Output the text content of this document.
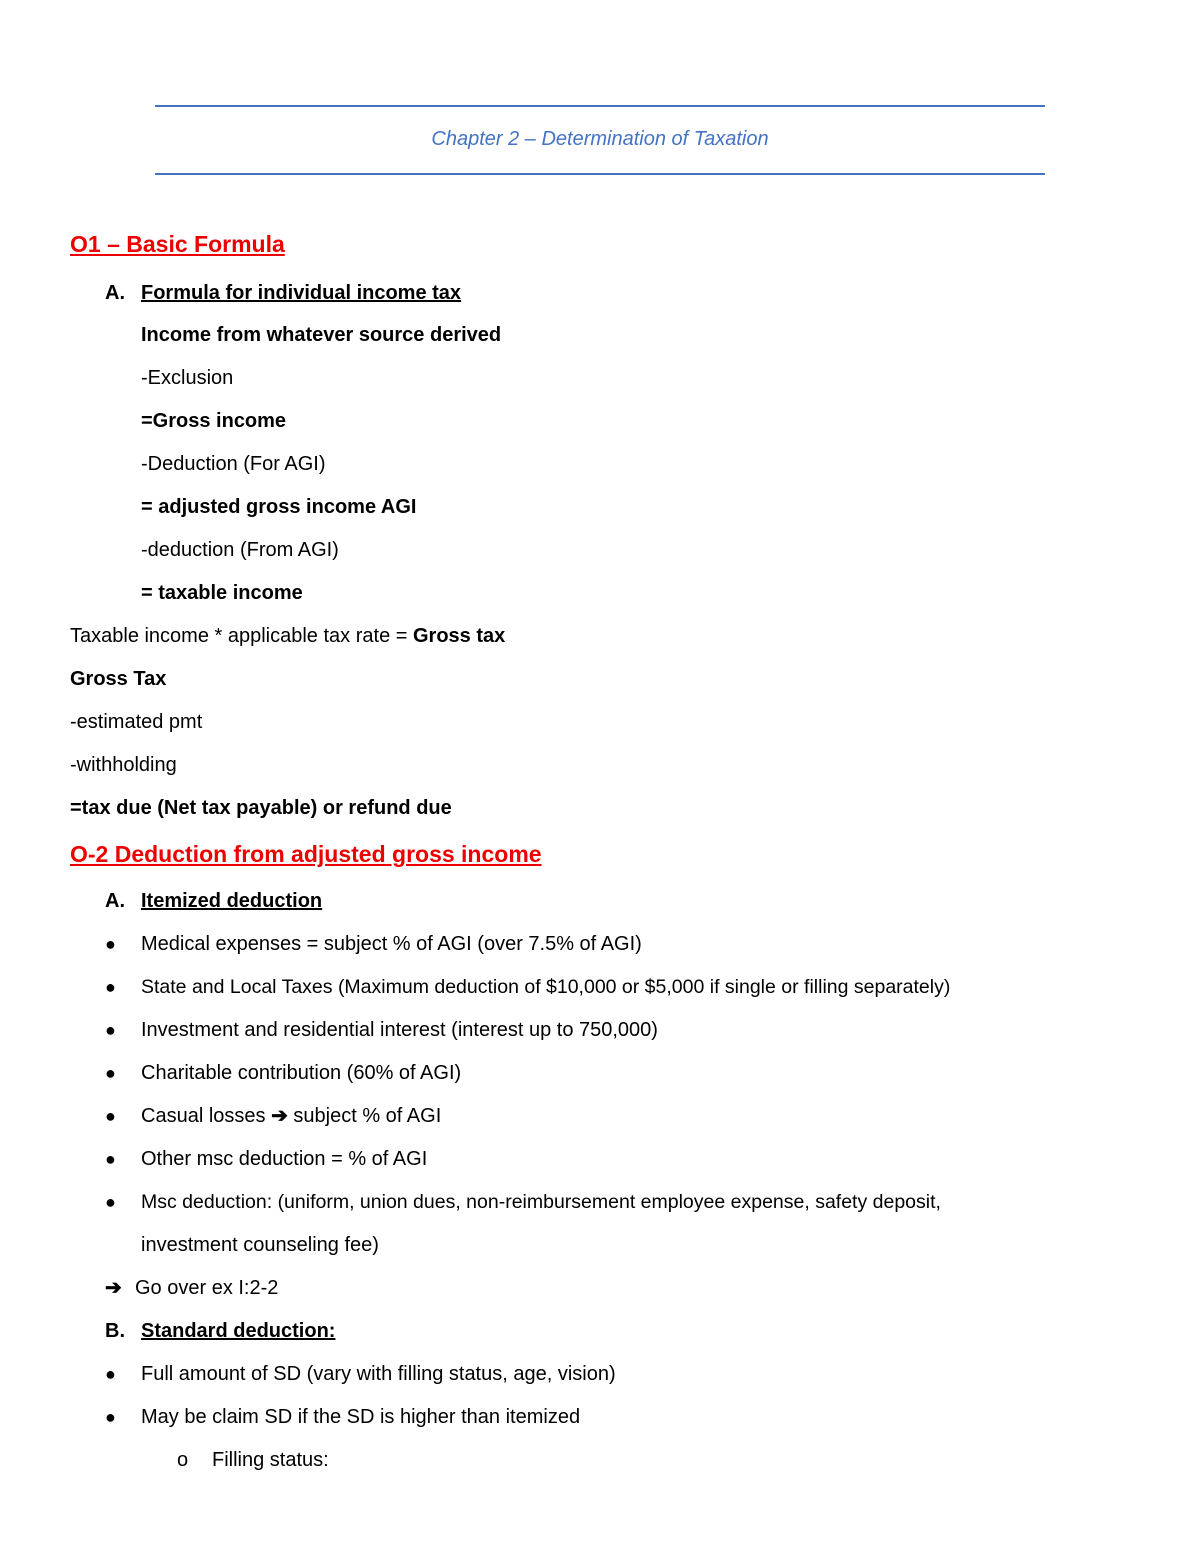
Chapter 2 – Determination of Taxation
O1 – Basic Formula
A. Formula for individual income tax
Income from whatever source derived
-Exclusion
=Gross income
-Deduction (For AGI)
= adjusted gross income AGI
-deduction (From AGI)
= taxable income
Taxable income * applicable tax rate = Gross tax
Gross Tax
-estimated pmt
-withholding
=tax due (Net tax payable) or refund due
O-2 Deduction from adjusted gross income
A. Itemized deduction
● Medical expenses = subject % of AGI (over 7.5% of AGI)
● State and Local Taxes (Maximum deduction of $10,000 or $5,000 if single or filling separately)
● Investment and residential interest (interest up to 750,000)
● Charitable contribution (60% of AGI)
● Casual losses ➔ subject % of AGI
● Other msc deduction = % of AGI
● Msc deduction: (uniform, union dues, non-reimbursement employee expense, safety deposit,
investment counseling fee)
➔ Go over ex I:2-2
B. Standard deduction:
● Full amount of SD (vary with filling status, age, vision)
● May be claim SD if the SD is higher than itemized
o Filling status:
